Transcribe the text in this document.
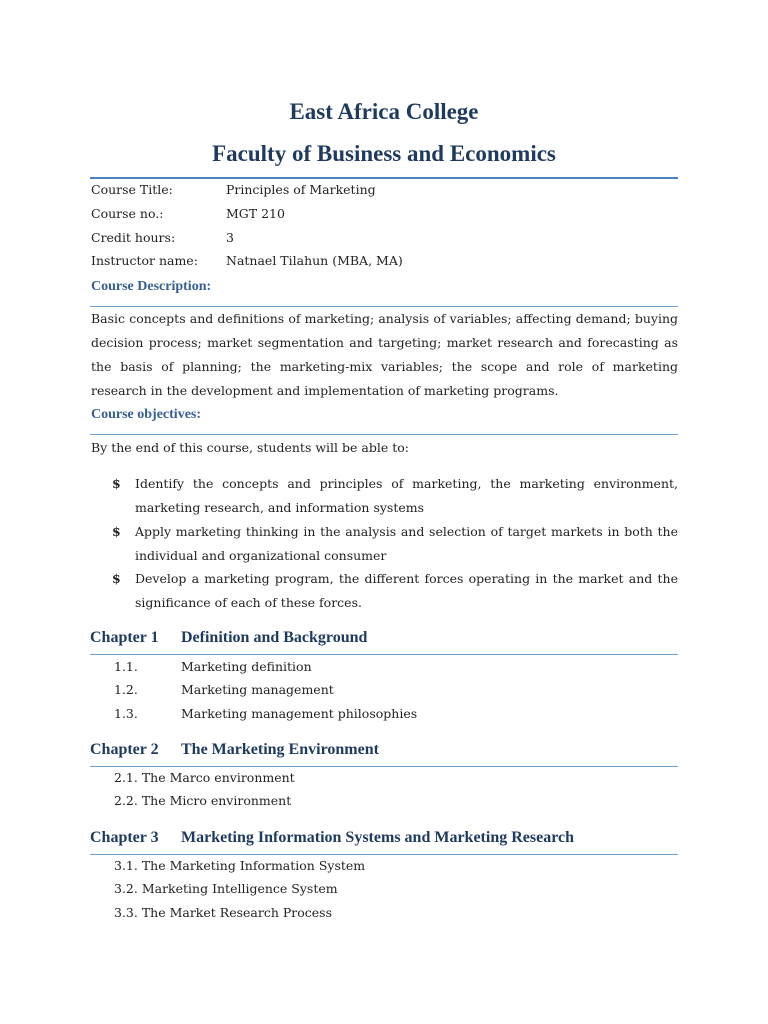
East Africa College
Faculty of Business and Economics
Course Title:	Principles of Marketing
Course no.:	MGT 210
Credit hours:	3
Instructor name: Natnael Tilahun (MBA, MA)
Course Description:
Basic concepts and definitions of marketing; analysis of variables; affecting demand; buying decision process; market segmentation and targeting; market research and forecasting as the basis of planning; the marketing-mix variables; the scope and role of marketing research in the development and implementation of marketing programs.
Course objectives:
By the end of this course, students will be able to:
$ Identify the concepts and principles of marketing, the marketing environment, marketing research, and information systems
$ Apply marketing thinking in the analysis and selection of target markets in both the individual and organizational consumer
$ Develop a marketing program, the different forces operating in the market and the significance of each of these forces.
Chapter 1 Definition and Background
1.1.	Marketing definition
1.2.	Marketing management
1.3.	Marketing management philosophies
Chapter 2 The Marketing Environment
2.1. The Marco environment
2.2. The Micro environment
Chapter 3 Marketing Information Systems and Marketing Research
3.1. The Marketing Information System
3.2. Marketing Intelligence System
3.3. The Market Research Process
